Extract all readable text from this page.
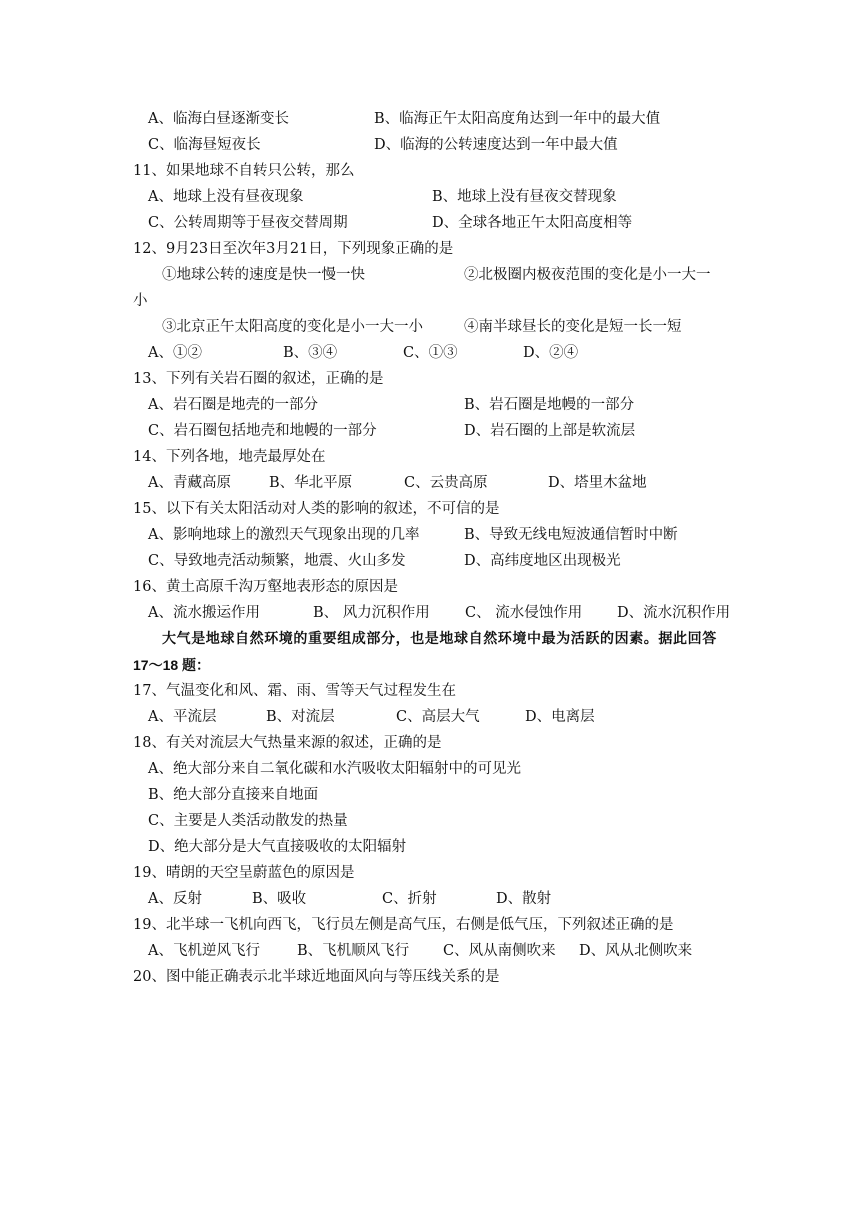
A、临海白昼逐渐变长	B、临海正午太阳高度角达到一年中的最大值
C、临海昼短夜长	D、临海的公转速度达到一年中最大值
11、如果地球不自转只公转，那么
A、地球上没有昼夜现象	B、地球上没有昼夜交替现象
C、公转周期等于昼夜交替周期	D、全球各地正午太阳高度相等
12、9月23日至次年3月21日，下列现象正确的是
①地球公转的速度是快一慢一快	②北极圈内极夜范围的变化是小一大一
小
③北京正午太阳高度的变化是小一大一小	④南半球昼长的变化是短一长一短
A、①②	B、③④	C、①③	D、②④
13、下列有关岩石圈的叙述，正确的是
A、岩石圈是地壳的一部分	B、岩石圈是地幔的一部分
C、岩石圈包括地壳和地幔的一部分	D、岩石圈的上部是软流层
14、下列各地，地壳最厚处在
A、青藏高原	B、华北平原	C、云贵高原	D、塔里木盆地
15、以下有关太阳活动对人类的影响的叙述，不可信的是
A、影响地球上的激烈天气现象出现的几率	B、导致无线电短波通信暂时中断
C、导致地壳活动频繁，地震、火山多发	D、高纬度地区出现极光
16、黄土高原千沟万壑地表形态的原因是
A、流水搬运作用	B、 风力沉积作用 C、 流水侵蚀作用 D、流水沉积作用
大气是地球自然环境的重要组成部分，也是地球自然环境中最为活跃的因素。据此回答
17～18 题：
17、气温变化和风、霜、雨、雪等天气过程发生在
A、平流层	B、对流层	C、高层大气	D、电离层
18、有关对流层大气热量来源的叙述，正确的是
A、绝大部分来自二氧化碳和水汽吸收太阳辐射中的可见光
B、绝大部分直接来自地面
C、主要是人类活动散发的热量
D、绝大部分是大气直接吸收的太阳辐射
19、晴朗的天空呈蔚蓝色的原因是
A、反射	B、吸收	C、折射	D、散射
19、北半球一飞机向西飞，飞行员左侧是高气压，右侧是低气压，下列叙述正确的是
A、飞机逆风飞行	B、飞机顺风飞行 C、风从南侧吹来 D、风从北侧吹来
20、图中能正确表示北半球近地面风向与等压线关系的是
